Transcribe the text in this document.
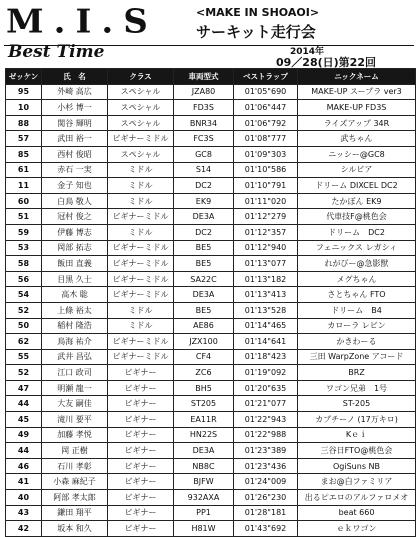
M.I.S	<MAKE IN SHOAOI>
サーキット走行会
Best Time	2014年
09／28(日)第22回
ゼッケン	氏　名	クラス	車両型式	ベストラップ	ニックネーム
95	外崎 高広	スペシャル	JZA80	01'05"690	MAKE-UP スープラ ver3
10	小杉 博一	スペシャル	FD3S	01'06"447	MAKE-UP FD3S
88	関谷 輝明	スペシャル	BNR34	01'06"792	ライズアップ 34R
57	武田 裕一	ビギナーミドル	FC3S	01'08"777	武ちゃん
85	西村 俊昭	スペシャル	GC8	01'09"303	ニッシー@GC8
61	赤石 一実	ミドル	S14	01'10"586	シルビア
11	金子 知也	ミドル	DC2	01'10"791	ドリーム DIXCEL DC2
60	白鳥 敬人	ミドル	EK9	01'11"020	たかぼん EK9
51	冠村 俊之	ビギナーミドル	DE3A	01'12"279	代車技F@桃色会
59	伊藤 博志	ミドル	DC2	01'12"357	ドリーム　DC2
53	岡部 拓志	ビギナーミドル	BE5	01'12"940	フェニックス レガシィ
58	飯田 直義	ビギナーミドル	BE5	01'13"077	れがびー@急影獣
56	目黒 久士	ビギナーミドル	SA22C	01'13"182	メグちゃん
54	高木 聡	ビギナーミドル	DE3A	01'13"413	さとちゃん FTO
52	上條 裕太	ミドル	BE5	01'13"528	ドリーム　B4
50	稲村 隆浩	ミドル	AE86	01'14"465	カローラ レビン
62	鳥海 祐介	ビギナーミドル	JZX100	01'14"641	かきわーる
55	武井 昌弘	ビギナーミドル	CF4	01'18"423	三田 WarpZone アコード
52	江口 政司	ビギナー	ZC6	01'19"092	BRZ
47	明瀬 龍一	ビギナー	BH5	01'20"635	ワゴン兄弟　1号
44	大友 嗣佳	ビギナー	ST205	01'21"077	ST-205
45	滝川 要平	ビギナー	EA11R	01'22"943	カプチーノ (17万キロ)
49	加藤 孝悦	ビギナー	HN22S	01'22"988	Kｅｉ
44	岡 正樹	ビギナー	DE3A	01'23"389	三谷日FTO@桃色会
46	石川 孝彰	ビギナー	NB8C	01'23"436	OgiSuns NB
41	小森 麻紀子	ビギナー	BJFW	01'24"009	まお@白ファミリア
40	阿部 孝太郎	ビギナー	932AXA	01'26"230	出るピエロのアルファロメオ
43	鎌田 翔平	ビギナー	PP1	01'28"181	beat 660
42	坂本 和久	ビギナー	H81W	01'43"692	ｅｋワゴン
